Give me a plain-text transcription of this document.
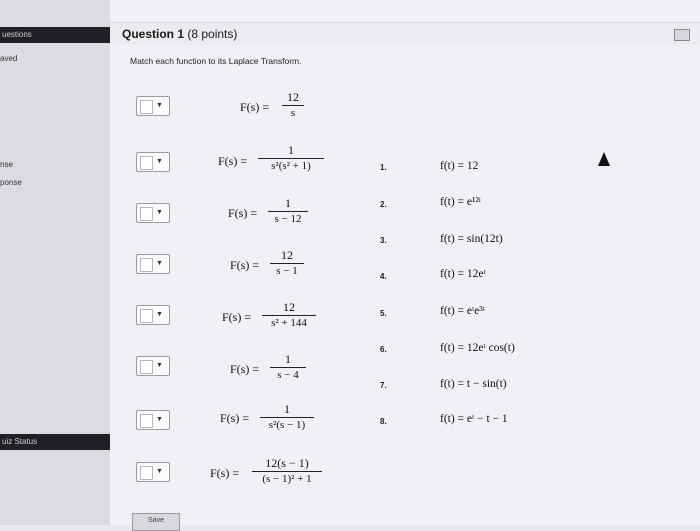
uestions
aved
nse
ponse
uiz Status
Question 1 (8 points)
Match each function to its Laplace Transform.
▼	$F(s) = \frac{12}{s}$
▼	$F(s) = \frac{1}{\text{s²(s² + 1)}}$
▼	$F(s) = \frac{1}{s - 12}$
▼	$F(s) = \frac{12}{s - 1}$
▼	$F(s) = \frac{12}{\text{s² + 144}}$
▼	$F(s) = \frac{1}{s - 4}$
▼	$F(s) = \frac{1}{\text{s²(s − 1)}}$
▼	$F(s) = \frac{12(s - 1)}{\text{(s − 1)² + 1}}$
1.	f(t) = 12
2.	f(t) = e¹²ᵗ
3.	f(t) = sin(12t)
4.	f(t) = 12eᵗ
5.	f(t) = eᵗe³ᵗ
6.	f(t) = 12eᵗ cos(t)
7.	f(t) = t − sin(t)
8.	f(t) = eᵗ − t − 1
Save
